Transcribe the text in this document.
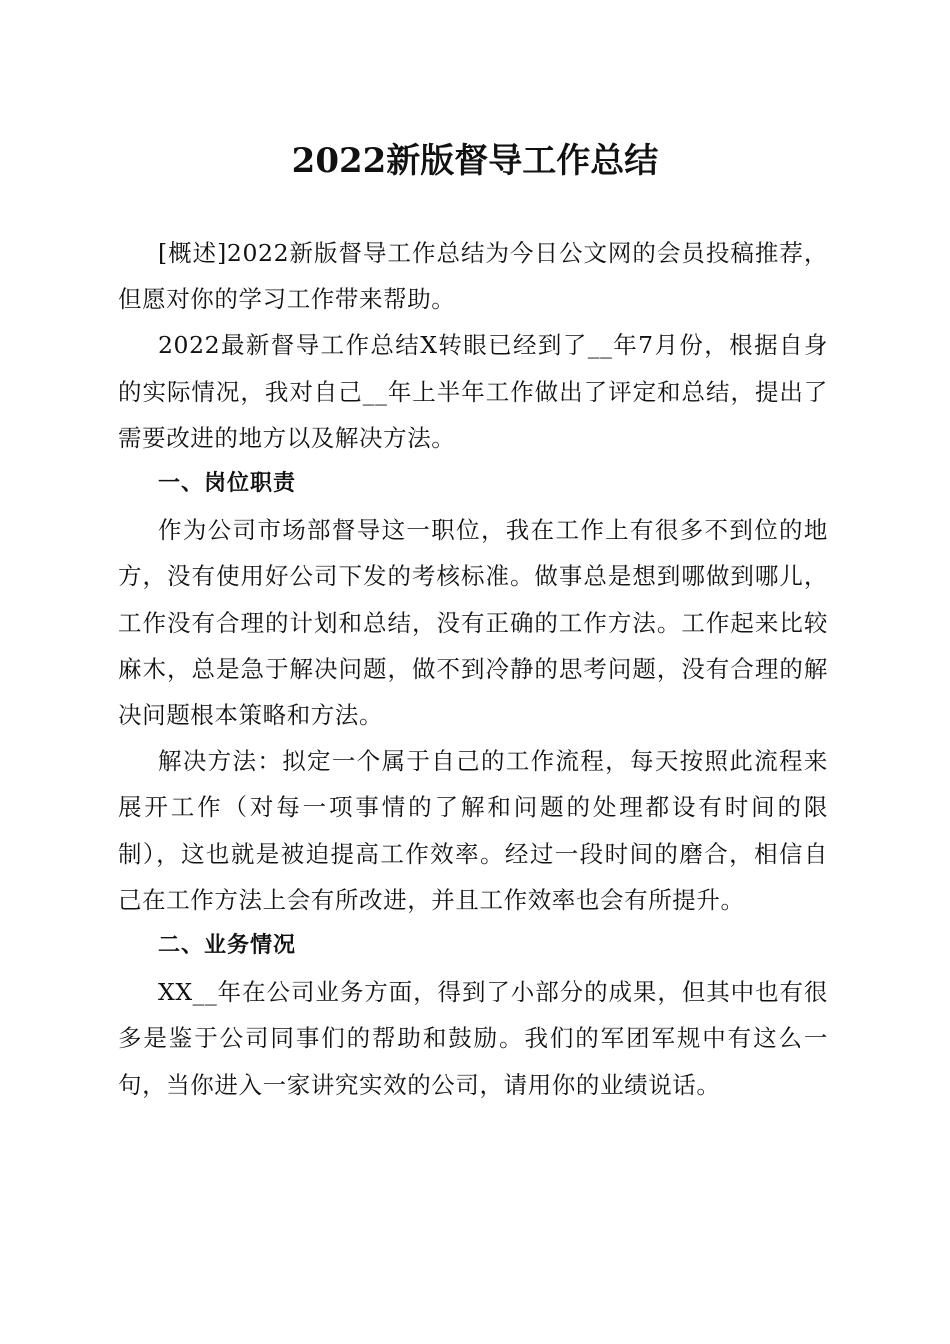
2022新版督导工作总结

[概述]2022新版督导工作总结为今日公文网的会员投稿推荐，但愿对你的学习工作带来帮助。

2022最新督导工作总结X转眼已经到了__年7月份，根据自身的实际情况，我对自己__年上半年工作做出了评定和总结，提出了需要改进的地方以及解决方法。

一、岗位职责

作为公司市场部督导这一职位，我在工作上有很多不到位的地方，没有使用好公司下发的考核标准。做事总是想到哪做到哪儿，工作没有合理的计划和总结，没有正确的工作方法。工作起来比较麻木，总是急于解决问题，做不到冷静的思考问题，没有合理的解决问题根本策略和方法。

解决方法：拟定一个属于自己的工作流程，每天按照此流程来展开工作（对每一项事情的了解和问题的处理都设有时间的限制），这也就是被迫提高工作效率。经过一段时间的磨合，相信自己在工作方法上会有所改进，并且工作效率也会有所提升。

二、业务情况

XX__年在公司业务方面，得到了小部分的成果，但其中也有很多是鉴于公司同事们的帮助和鼓励。我们的军团军规中有这么一句，当你进入一家讲究实效的公司，请用你的业绩说话。
